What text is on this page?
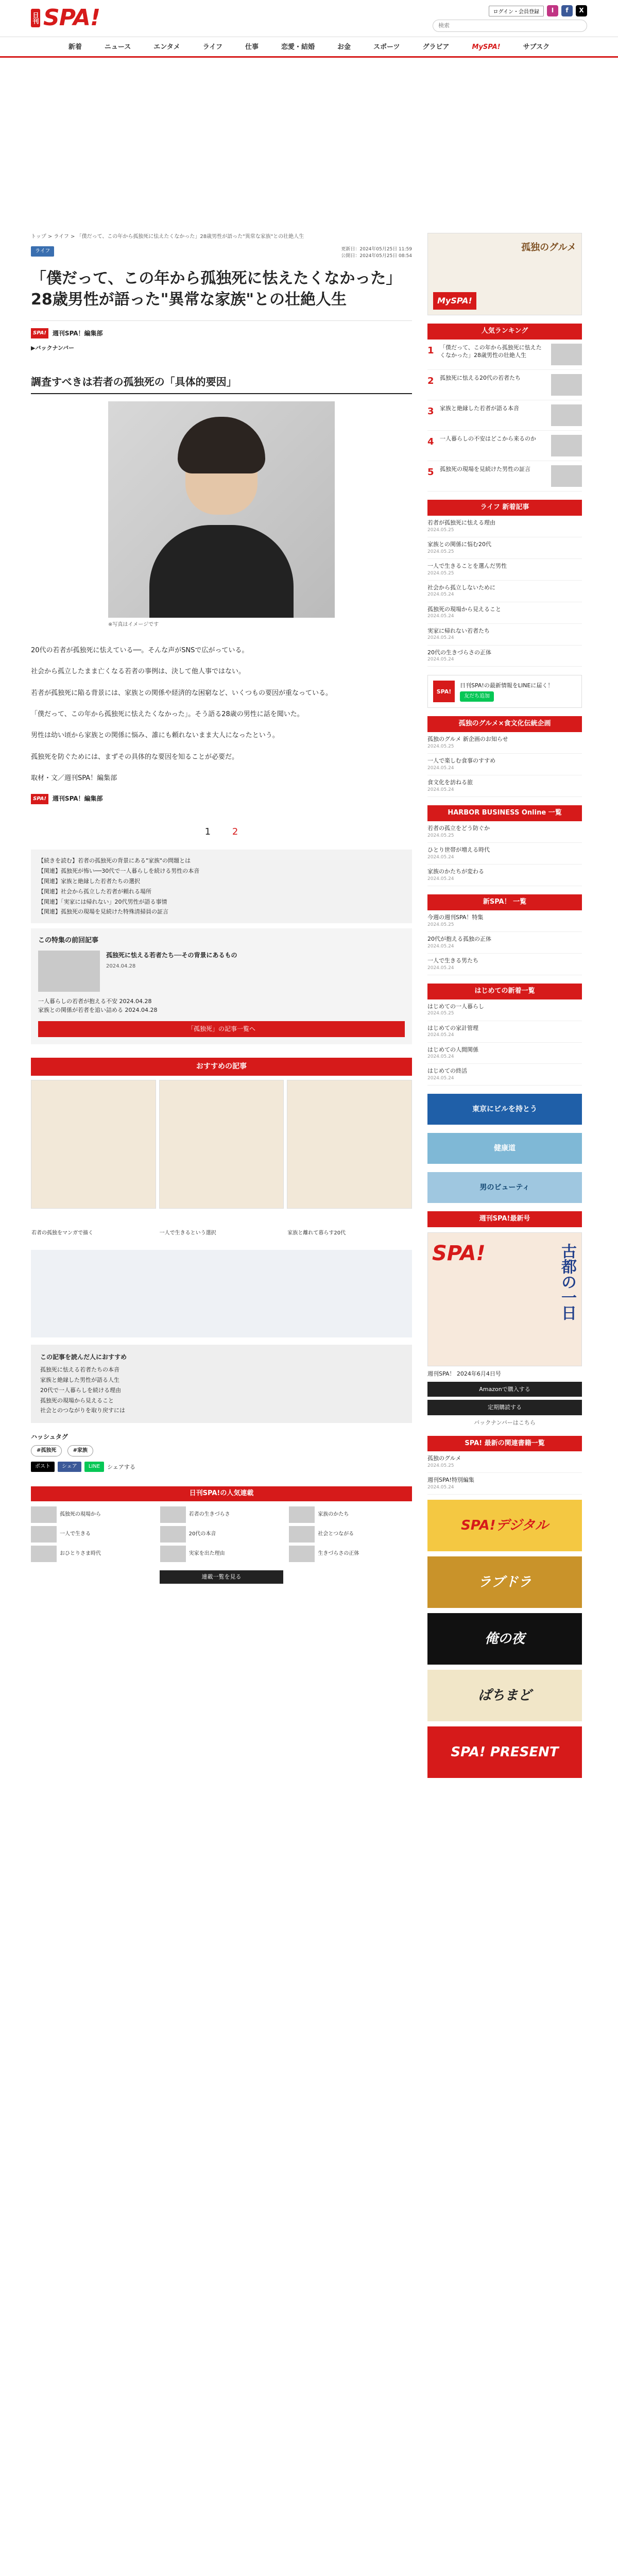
日刊 SPA!	ログイン・会員登録	I	f	X
検索
新着	ニュース	エンタメ	ライフ	仕事	恋愛・結婚	お金	スポーツ	グラビア	MySPA!	サブスク
トップ > ライフ > 「僕だって、この年から孤独死に怯えたくなかった」28歳男性が語った"異常な家族"との壮絶人生
ライフ	更新日：2024年05月25日 11:59
公開日：2024年05月25日 08:54
「僕だって、この年から孤独死に怯えたくなかった」28歳男性が語った"異常な家族"との壮絶人生
SPA!	週刊SPA！編集部
▶バックナンバー
調査すべきは若者の孤独死の「具体的要因」
※写真はイメージです

20代の若者が孤独死に怯えている──。そんな声がSNSで広がっている。

社会から孤立したまま亡くなる若者の事例は、決して他人事ではない。

若者が孤独死に陥る背景には、家族との関係や経済的な困窮など、いくつもの要因が重なっている。

「僕だって、この年から孤独死に怯えたくなかった」。そう語る28歳の男性に話を聞いた。

男性は幼い頃から家族との関係に悩み、誰にも頼れないまま大人になったという。

孤独死を防ぐためには、まずその具体的な要因を知ることが必要だ。

取材・文／週刊SPA！編集部

SPA!	週刊SPA！編集部
1 2
【続きを読む】若者の孤独死の背景にある"家族"の問題とは
【関連】孤独死が怖い──30代で一人暮らしを続ける男性の本音
【関連】家族と絶縁した若者たちの選択
【関連】社会から孤立した若者が頼れる場所
【関連】「実家には帰れない」20代男性が語る事情
【関連】孤独死の現場を見続けた特殊清掃員の証言
この特集の前回記事
孤独死に怯える若者たち──その背景にあるもの
2024.04.28
一人暮らしの若者が抱える不安 2024.04.28
家族との関係が若者を追い詰める 2024.04.28
「孤独死」の記事一覧へ
おすすめの記事
若者の孤独をマンガで描く	一人で生きるという選択	家族と離れて暮らす20代
この記事を読んだ人におすすめ
孤独死に怯える若者たちの本音
家族と絶縁した男性が語る人生
20代で一人暮らしを続ける理由
孤独死の現場から見えること
社会とのつながりを取り戻すには
ハッシュタグ
#孤独死	#家族
ポスト	シェア	LINE	シェアする
日刊SPA!の人気連載
孤独死の現場から	若者の生きづらさ	家族のかたち
一人で生きる	20代の本音	社会とつながる
おひとりさま時代	実家を出た理由	生きづらさの正体
連載一覧を見る
孤独のグルメ
MySPA!
人気ランキング
1 「僕だって、この年から孤独死に怯えたくなかった」28歳男性の壮絶人生
2 孤独死に怯える20代の若者たち
3 家族と絶縁した若者が語る本音
4 一人暮らしの不安はどこから来るのか
5 孤独死の現場を見続けた男性の証言
ライフ 新着記事
若者が孤独死に怯える理由
2024.05.25
家族との関係に悩む20代
2024.05.25
一人で生きることを選んだ男性
2024.05.25
社会から孤立しないために
2024.05.24
孤独死の現場から見えること
2024.05.24
実家に帰れない若者たち
2024.05.24
20代の生きづらさの正体
2024.05.24
SPA!
日刊SPA!の最新情報をLINEに届く！
友だち追加
孤独のグルメ×食文化伝統企画
孤独のグルメ 新企画のお知らせ
2024.05.25
一人で楽しむ食事のすすめ
2024.05.24
食文化を訪ねる旅
2024.05.24
HARBOR BUSINESS Online 一覧
若者の孤立をどう防ぐか
2024.05.25
ひとり世帯が増える時代
2024.05.24
家族のかたちが変わる
2024.05.24
新SPA！ 一覧
今週の週刊SPA！特集
2024.05.25
20代が抱える孤独の正体
2024.05.24
一人で生きる男たち
2024.05.24
はじめての新着一覧
はじめての一人暮らし
2024.05.25
はじめての家計管理
2024.05.24
はじめての人間関係
2024.05.24
はじめての終活
2024.05.24
東京にビルを持とう
健康道
男のビューティ
週刊SPA!最新号
SPA!	古都の一日
週刊SPA！ 2024年6月4日号
Amazonで購入する
定期購読する
バックナンバーはこちら
SPA! 最新の関連書籍一覧
孤独のグルメ
2024.05.25
週刊SPA!特別編集
2024.05.24
SPA!デジタル
ラブドラ
俺の夜
ぱちまど
SPA! PRESENT
